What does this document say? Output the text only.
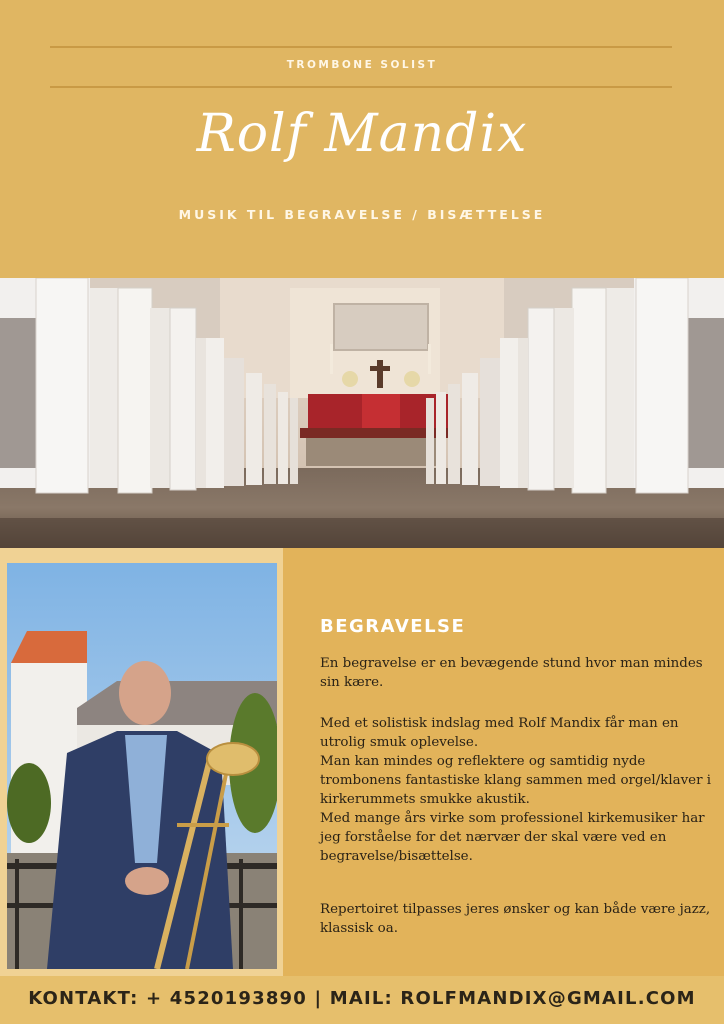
TROMBONE SOLIST
Rolf Mandix
MUSIK TIL BEGRAVELSE / BISÆTTELSE
BEGRAVELSE

En begravelse er en bevægende stund hvor man mindes sin kære.

Med et solistisk indslag med Rolf Mandix får man en utrolig smuk oplevelse.
Man kan mindes og reflektere og samtidig nyde trombonens fantastiske klang sammen med orgel/klaver i kirkerummets smukke akustik.
Med mange års virke som professionel kirkemusiker har jeg forståelse for det nærvær der skal være ved en begravelse/bisættelse.

Repertoiret tilpasses jeres ønsker og kan både være jazz, klassisk oa.

KONTAKT: + 4520193890 | MAIL: ROLFMANDIX@GMAIL.COM
